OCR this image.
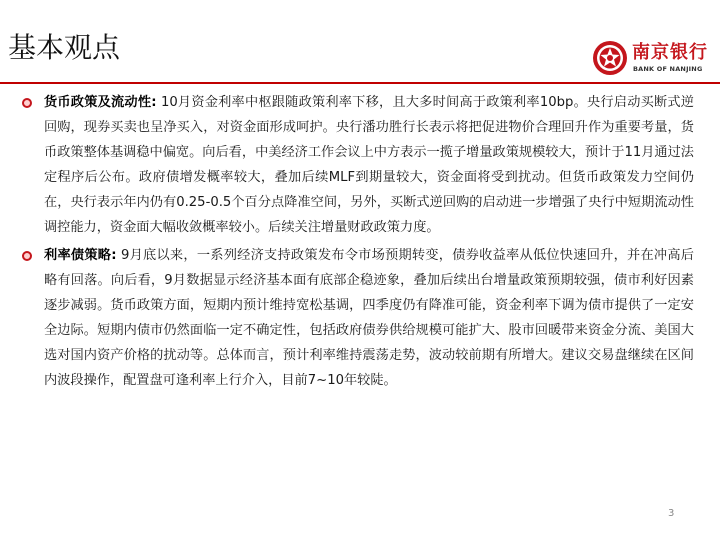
基本观点	南京银行
BANK OF NANJING
货币政策及流动性: 10月资金利率中枢跟随政策利率下移，且大多时间高于政策利率10bp。央行启动买断式逆回购，现券买卖也呈净买入，对资金面形成呵护。央行潘功胜行长表示将把促进物价合理回升作为重要考量，货币政策整体基调稳中偏宽。向后看，中美经济工作会议上中方表示一揽子增量政策规模较大，预计于11月通过法定程序后公布。政府债增发概率较大，叠加后续MLF到期量较大，资金面将受到扰动。但货币政策发力空间仍在，央行表示年内仍有0.25-0.5个百分点降准空间，另外，买断式逆回购的启动进一步增强了央行中短期流动性调控能力，资金面大幅收敛概率较小。后续关注增量财政政策力度。
利率债策略: 9月底以来，一系列经济支持政策发布令市场预期转变，债券收益率从低位快速回升，并在冲高后略有回落。向后看，9月数据显示经济基本面有底部企稳迹象，叠加后续出台增量政策预期较强，债市利好因素逐步减弱。货币政策方面，短期内预计维持宽松基调，四季度仍有降准可能，资金利率下调为债市提供了一定安全边际。短期内债市仍然面临一定不确定性，包括政府债券供给规模可能扩大、股市回暖带来资金分流、美国大选对国内资产价格的扰动等。总体而言，预计利率维持震荡走势，波动较前期有所增大。建议交易盘继续在区间内波段操作，配置盘可逢利率上行介入，目前7~10年较陡。
3
